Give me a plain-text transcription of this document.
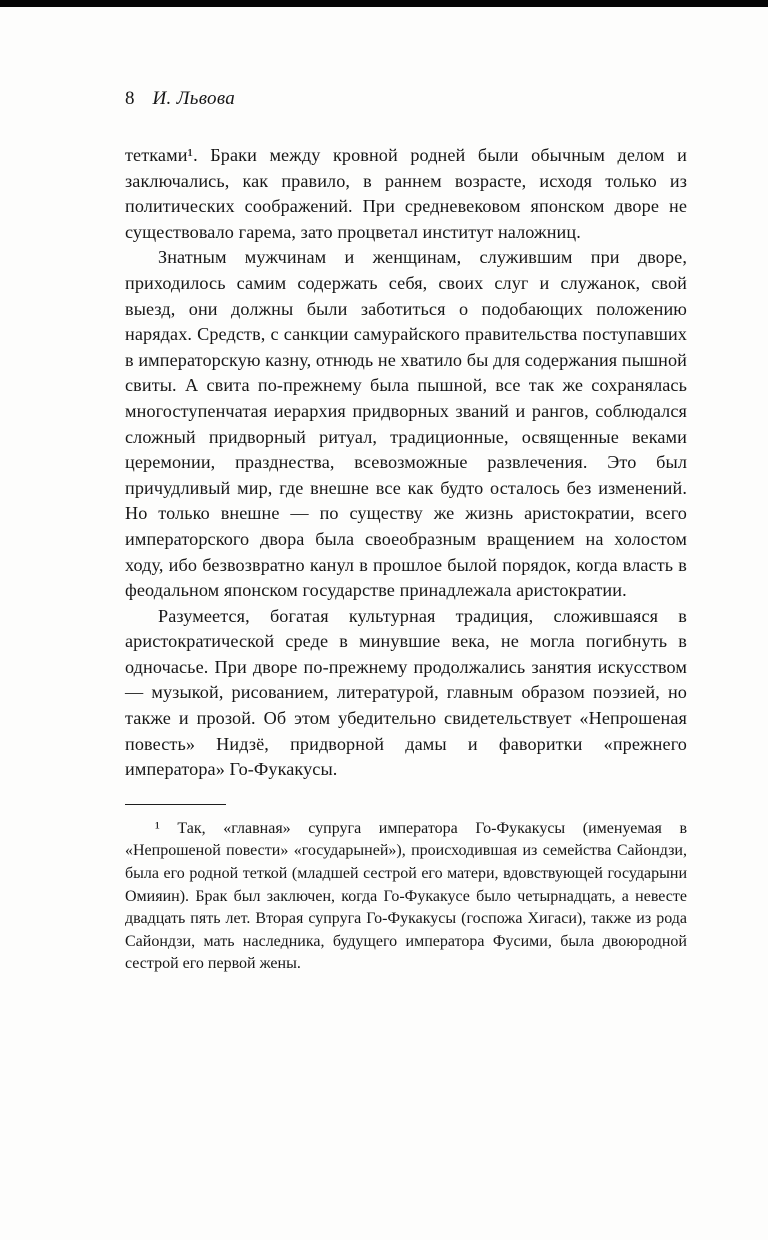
8 И. Львова

тетками¹. Браки между кровной родней были обычным делом и заключались, как правило, в раннем возрасте, исходя только из политических соображений. При средневековом японском дворе не существовало гарема, зато процветал институт наложниц.

Знатным мужчинам и женщинам, служившим при дворе, приходилось самим содержать себя, своих слуг и служанок, свой выезд, они должны были заботиться о подобающих положению нарядах. Средств, с санкции самурайского правительства поступавших в императорскую казну, отнюдь не хватило бы для содержания пышной свиты. А свита по-прежнему была пышной, все так же сохранялась многоступенчатая иерархия придворных званий и рангов, соблюдался сложный придворный ритуал, традиционные, освященные веками церемонии, празднества, всевозможные развлечения. Это был причудливый мир, где внешне все как будто осталось без изменений. Но только внешне — по существу же жизнь аристократии, всего императорского двора была своеобразным вращением на холостом ходу, ибо безвозвратно канул в прошлое былой порядок, когда власть в феодальном японском государстве принадлежала аристократии.

Разумеется, богатая культурная традиция, сложившаяся в аристократической среде в минувшие века, не могла погибнуть в одночасье. При дворе по-прежнему продолжались занятия искусством — музыкой, рисованием, литературой, главным образом поэзией, но также и прозой. Об этом убедительно свидетельствует «Непрошеная повесть» Нидзё, придворной дамы и фаворитки «прежнего императора» Го-Фукакусы.

¹ Так, «главная» супруга императора Го-Фукакусы (именуемая в «Непрошеной повести» «государыней»), происходившая из семейства Сайондзи, была его родной теткой (младшей сестрой его матери, вдовствующей государыни Омияин). Брак был заключен, когда Го-Фукакусе было четырнадцать, а невесте двадцать пять лет. Вторая супруга Го-Фукакусы (госпожа Хигаси), также из рода Сайондзи, мать наследника, будущего императора Фусими, была двоюродной сестрой его первой жены.
